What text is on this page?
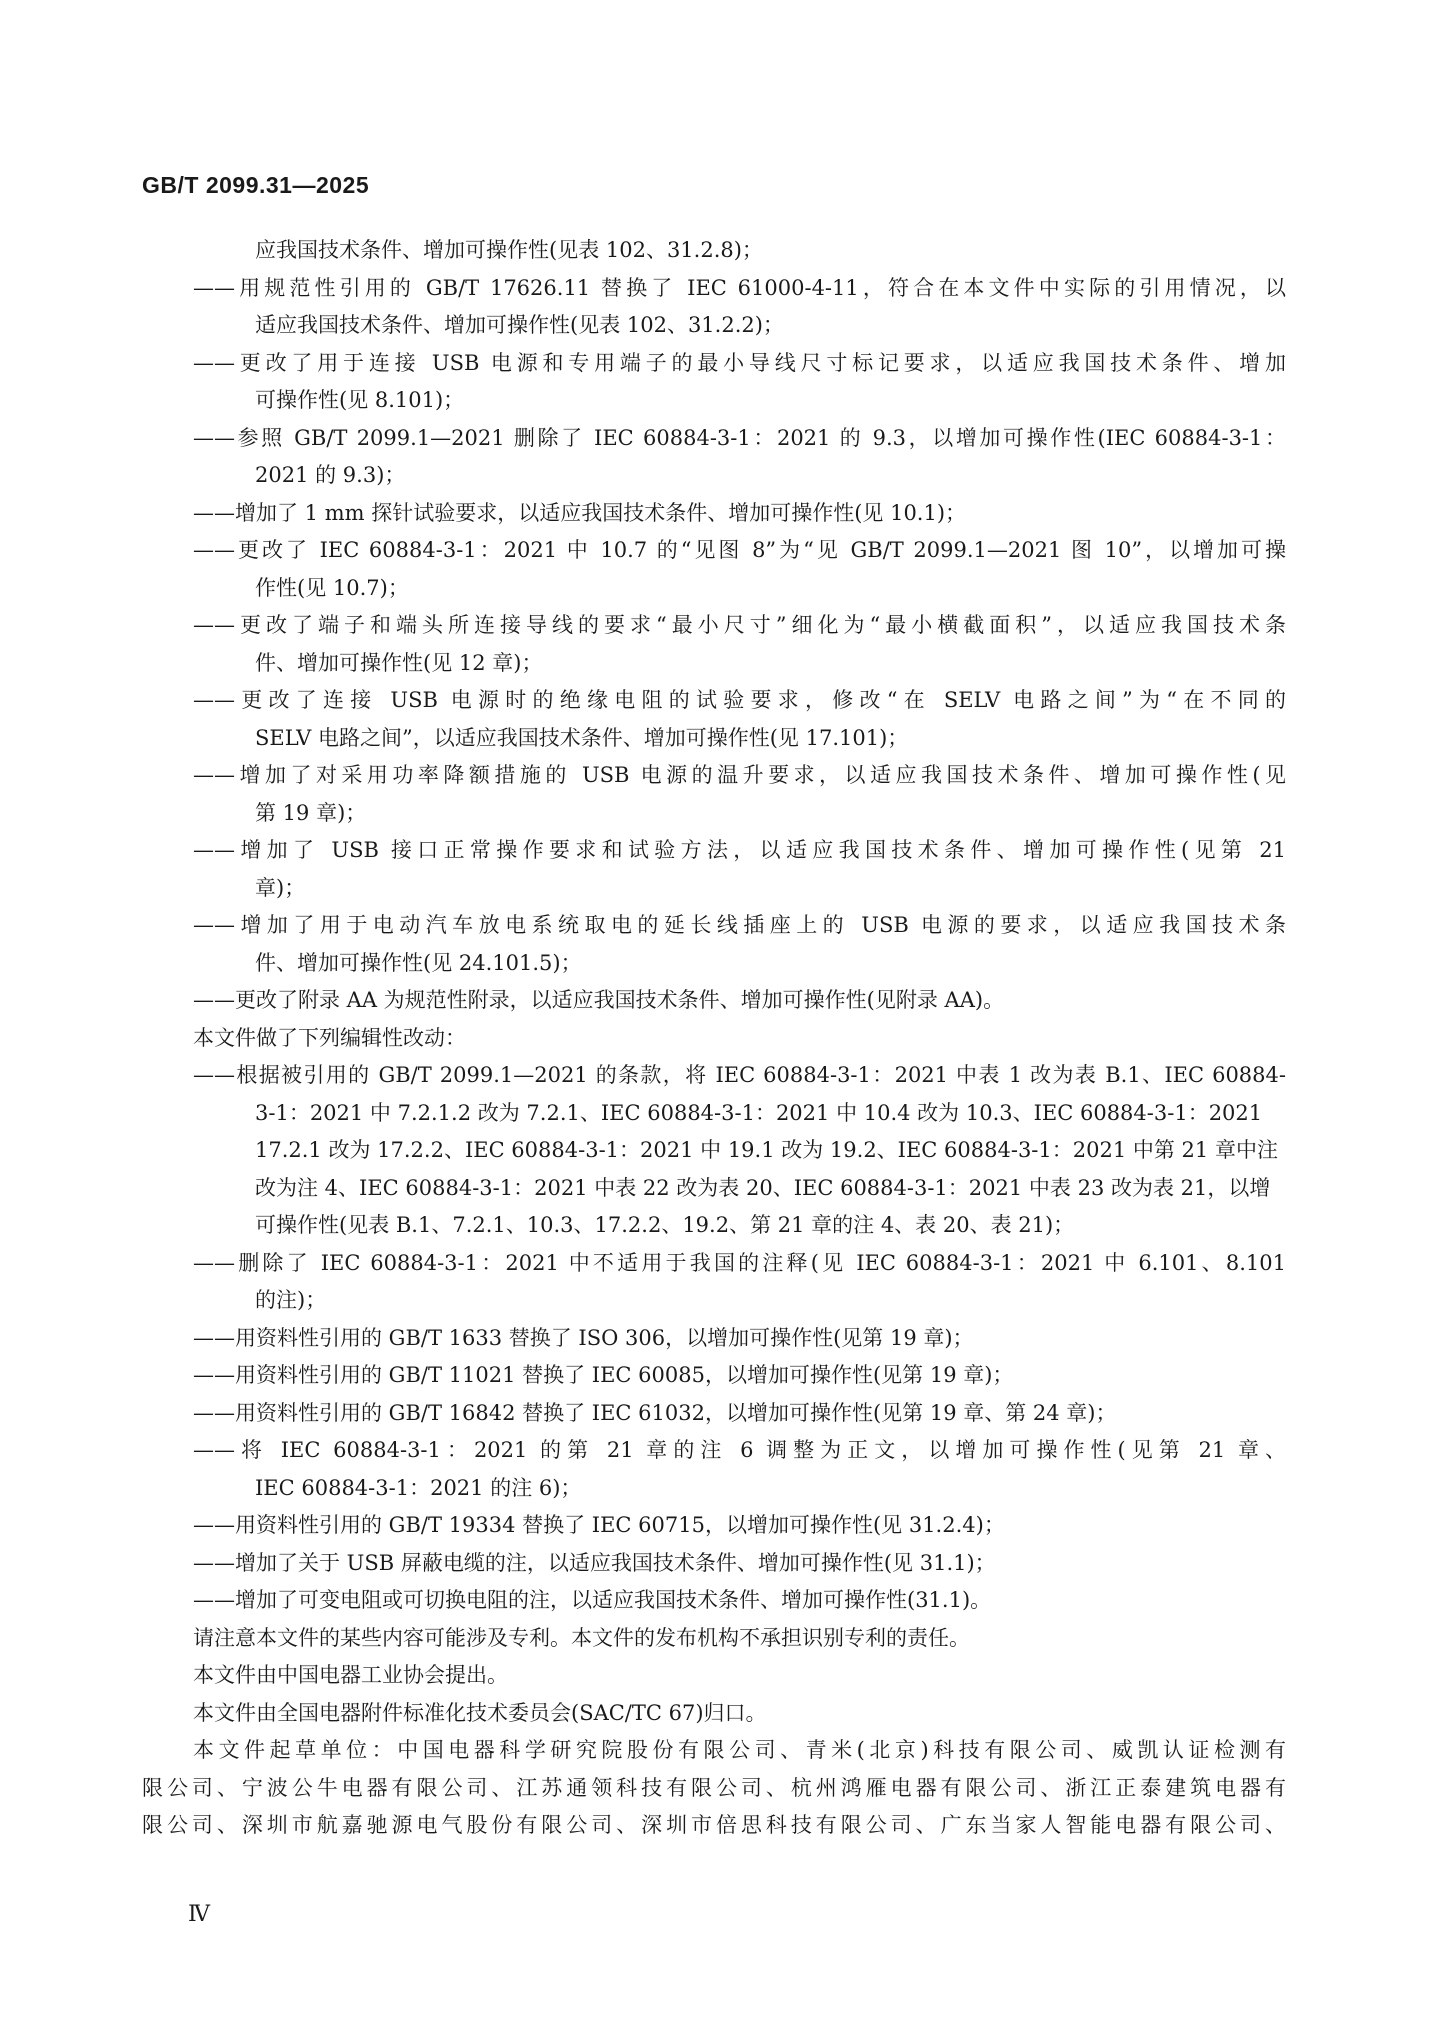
GB/T 2099.31—2025
应我国技术条件、增加可操作性(见表 102、31.2.8)；
——用规范性引用的 GB/T 17626.11 替换了 IEC 61000-4-11，符合在本文件中实际的引用情况，以
适应我国技术条件、增加可操作性(见表 102、31.2.2)；
——更改了用于连接 USB 电源和专用端子的最小导线尺寸标记要求，以适应我国技术条件、增加
可操作性(见 8.101)；
——参照 GB/T 2099.1—2021 删除了 IEC 60884-3-1：2021 的 9.3，以增加可操作性(IEC 60884-3-1：
2021 的 9.3)；
——增加了 1 mm 探针试验要求，以适应我国技术条件、增加可操作性(见 10.1)；
——更改了 IEC 60884-3-1：2021 中 10.7 的“见图 8”为“见 GB/T 2099.1—2021 图 10”，以增加可操
作性(见 10.7)；
——更改了端子和端头所连接导线的要求“最小尺寸”细化为“最小横截面积”，以适应我国技术条
件、增加可操作性(见 12 章)；
——更改了连接 USB 电源时的绝缘电阻的试验要求，修改“在 SELV 电路之间”为“在不同的
SELV 电路之间”，以适应我国技术条件、增加可操作性(见 17.101)；
——增加了对采用功率降额措施的 USB 电源的温升要求，以适应我国技术条件、增加可操作性(见
第 19 章)；
——增加了 USB 接口正常操作要求和试验方法，以适应我国技术条件、增加可操作性(见第 21
章)；
——增加了用于电动汽车放电系统取电的延长线插座上的 USB 电源的要求，以适应我国技术条
件、增加可操作性(见 24.101.5)；
——更改了附录 AA 为规范性附录，以适应我国技术条件、增加可操作性(见附录 AA)。
本文件做了下列编辑性改动：
——根据被引用的 GB/T 2099.1—2021 的条款，将 IEC 60884-3-1：2021 中表 1 改为表 B.1、IEC 60884-
3-1：2021 中 7.2.1.2 改为 7.2.1、IEC 60884-3-1：2021 中 10.4 改为 10.3、IEC 60884-3-1：2021
17.2.1 改为 17.2.2、IEC 60884-3-1：2021 中 19.1 改为 19.2、IEC 60884-3-1：2021 中第 21 章中注
改为注 4、IEC 60884-3-1：2021 中表 22 改为表 20、IEC 60884-3-1：2021 中表 23 改为表 21，以增
可操作性(见表 B.1、7.2.1、10.3、17.2.2、19.2、第 21 章的注 4、表 20、表 21)；
——删除了 IEC 60884-3-1：2021 中不适用于我国的注释(见 IEC 60884-3-1：2021 中 6.101、8.101
的注)；
——用资料性引用的 GB/T 1633 替换了 ISO 306，以增加可操作性(见第 19 章)；
——用资料性引用的 GB/T 11021 替换了 IEC 60085，以增加可操作性(见第 19 章)；
——用资料性引用的 GB/T 16842 替换了 IEC 61032，以增加可操作性(见第 19 章、第 24 章)；
——将 IEC 60884-3-1：2021 的第 21 章的注 6 调整为正文，以增加可操作性(见第 21 章、
IEC 60884-3-1：2021 的注 6)；
——用资料性引用的 GB/T 19334 替换了 IEC 60715，以增加可操作性(见 31.2.4)；
——增加了关于 USB 屏蔽电缆的注，以适应我国技术条件、增加可操作性(见 31.1)；
——增加了可变电阻或可切换电阻的注，以适应我国技术条件、增加可操作性(31.1)。
请注意本文件的某些内容可能涉及专利。本文件的发布机构不承担识别专利的责任。
本文件由中国电器工业协会提出。
本文件由全国电器附件标准化技术委员会(SAC/TC 67)归口。
本文件起草单位：中国电器科学研究院股份有限公司、青米(北京)科技有限公司、威凯认证检测有
限公司、宁波公牛电器有限公司、江苏通领科技有限公司、杭州鸿雁电器有限公司、浙江正泰建筑电器有
限公司、深圳市航嘉驰源电气股份有限公司、深圳市倍思科技有限公司、广东当家人智能电器有限公司、
Ⅳ
